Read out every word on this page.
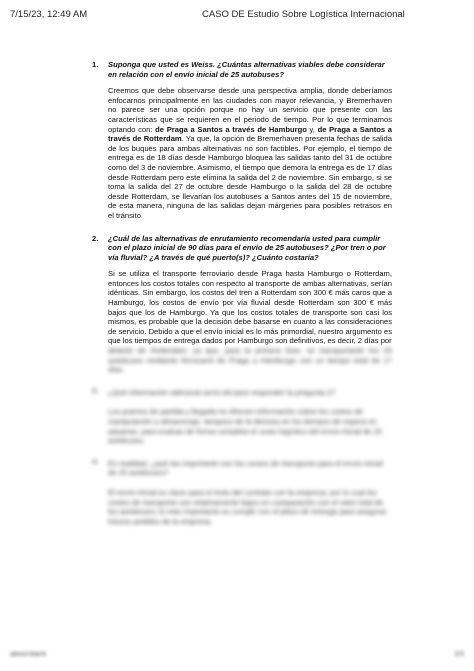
7/15/23, 12:49 AM	CASO DE Estudio Sobre Logística Internacional

1. Suponga que usted es Weiss. ¿Cuántas alternativas viables debe considerar en relación con el envío inicial de 25 autobuses?

Creemos que debe observarse desde una perspectiva amplia, donde deberíamos enfocarnos principalmente en las ciudades con mayor relevancia, y Bremerhaven no parece ser una opción porque no hay un servicio que presente con las características que se requieren en el periodo de tiempo. Por lo que terminamos optando con: de Praga a Santos a través de Hamburgo y, de Praga a Santos a través de Rotterdam. Ya que, la opción de Bremerhaven presenta fechas de salida de los buques para ambas alternativas no son factibles. Por ejemplo, el tiempo de entrega es de 18 días desde Hamburgo bloquea las salidas tanto del 31 de octubre como del 3 de noviembre. Asimismo, el tiempo que demora la entrega es de 17 días desde Rotterdam pero este elimina la salida del 2 de noviembre. Sin embargo, si se toma la salida del 27 de octubre desde Hamburgo o la salida del 28 de octubre desde Rotterdam, se llevarían los autobuses a Santos antes del 15 de noviembre, de esta manera, ninguna de las salidas dejan márgenes para posibles retrasos en el tránsito.

2. ¿Cuál de las alternativas de enrutamiento recomendaría usted para cumplir con el plazo inicial de 90 días para el envío de 25 autobuses? ¿Por tren o por vía fluvial? ¿A través de qué puerto(s)? ¿Cuánto costaría?

Si se utiliza el transporte ferroviario desde Praga hasta Hamburgo o Rotterdam, entonces los costos totales con respecto al transporte de ambas alternativas, serían idénticas. Sin embargo, los costos del tren a Rotterdam son 300 € más caros que a Hamburgo, los costos de envío por vía fluvial desde Rotterdam son 300 € más bajos que los de Hamburgo. Ya que los costos totales de transporte son casi los mismos, es probable que la decisión debe basarse en cuanto a las consideraciones de servicio. Debido a que el envío inicial es lo más primordial, nuestro argumento es que los tiempos de entrega dados por Hamburgo son definitivos, es decir, 2 días por

delante de Rotterdam; ya que, para la primera fase, se transportarán los 25 autobuses mediante ferrocarril de Praga a Hamburgo con un tiempo total de 17 días.

3. ¿Qué información adicional sería útil para responder la pregunta 2?
Los puertos de partida y llegada no ofrecen información sobre los costos de manipulación y almacenaje, tampoco de la demora en los tiempos de espera en aduanas, para evaluar de forma completa el costo logístico del envío inicial de 25 autobuses.
4. En realidad, ¿qué tan importante son los costos de transporte para el envío inicial de 25 autobuses?
El envío inicial es clave para el éxito del contrato con la empresa, por lo cual los costos de transporte son relativamente bajos en comparación con el valor total de los autobuses; lo más importante es cumplir con el plazo de entrega para asegurar futuros pedidos de la empresa.
about:blank	2/3
